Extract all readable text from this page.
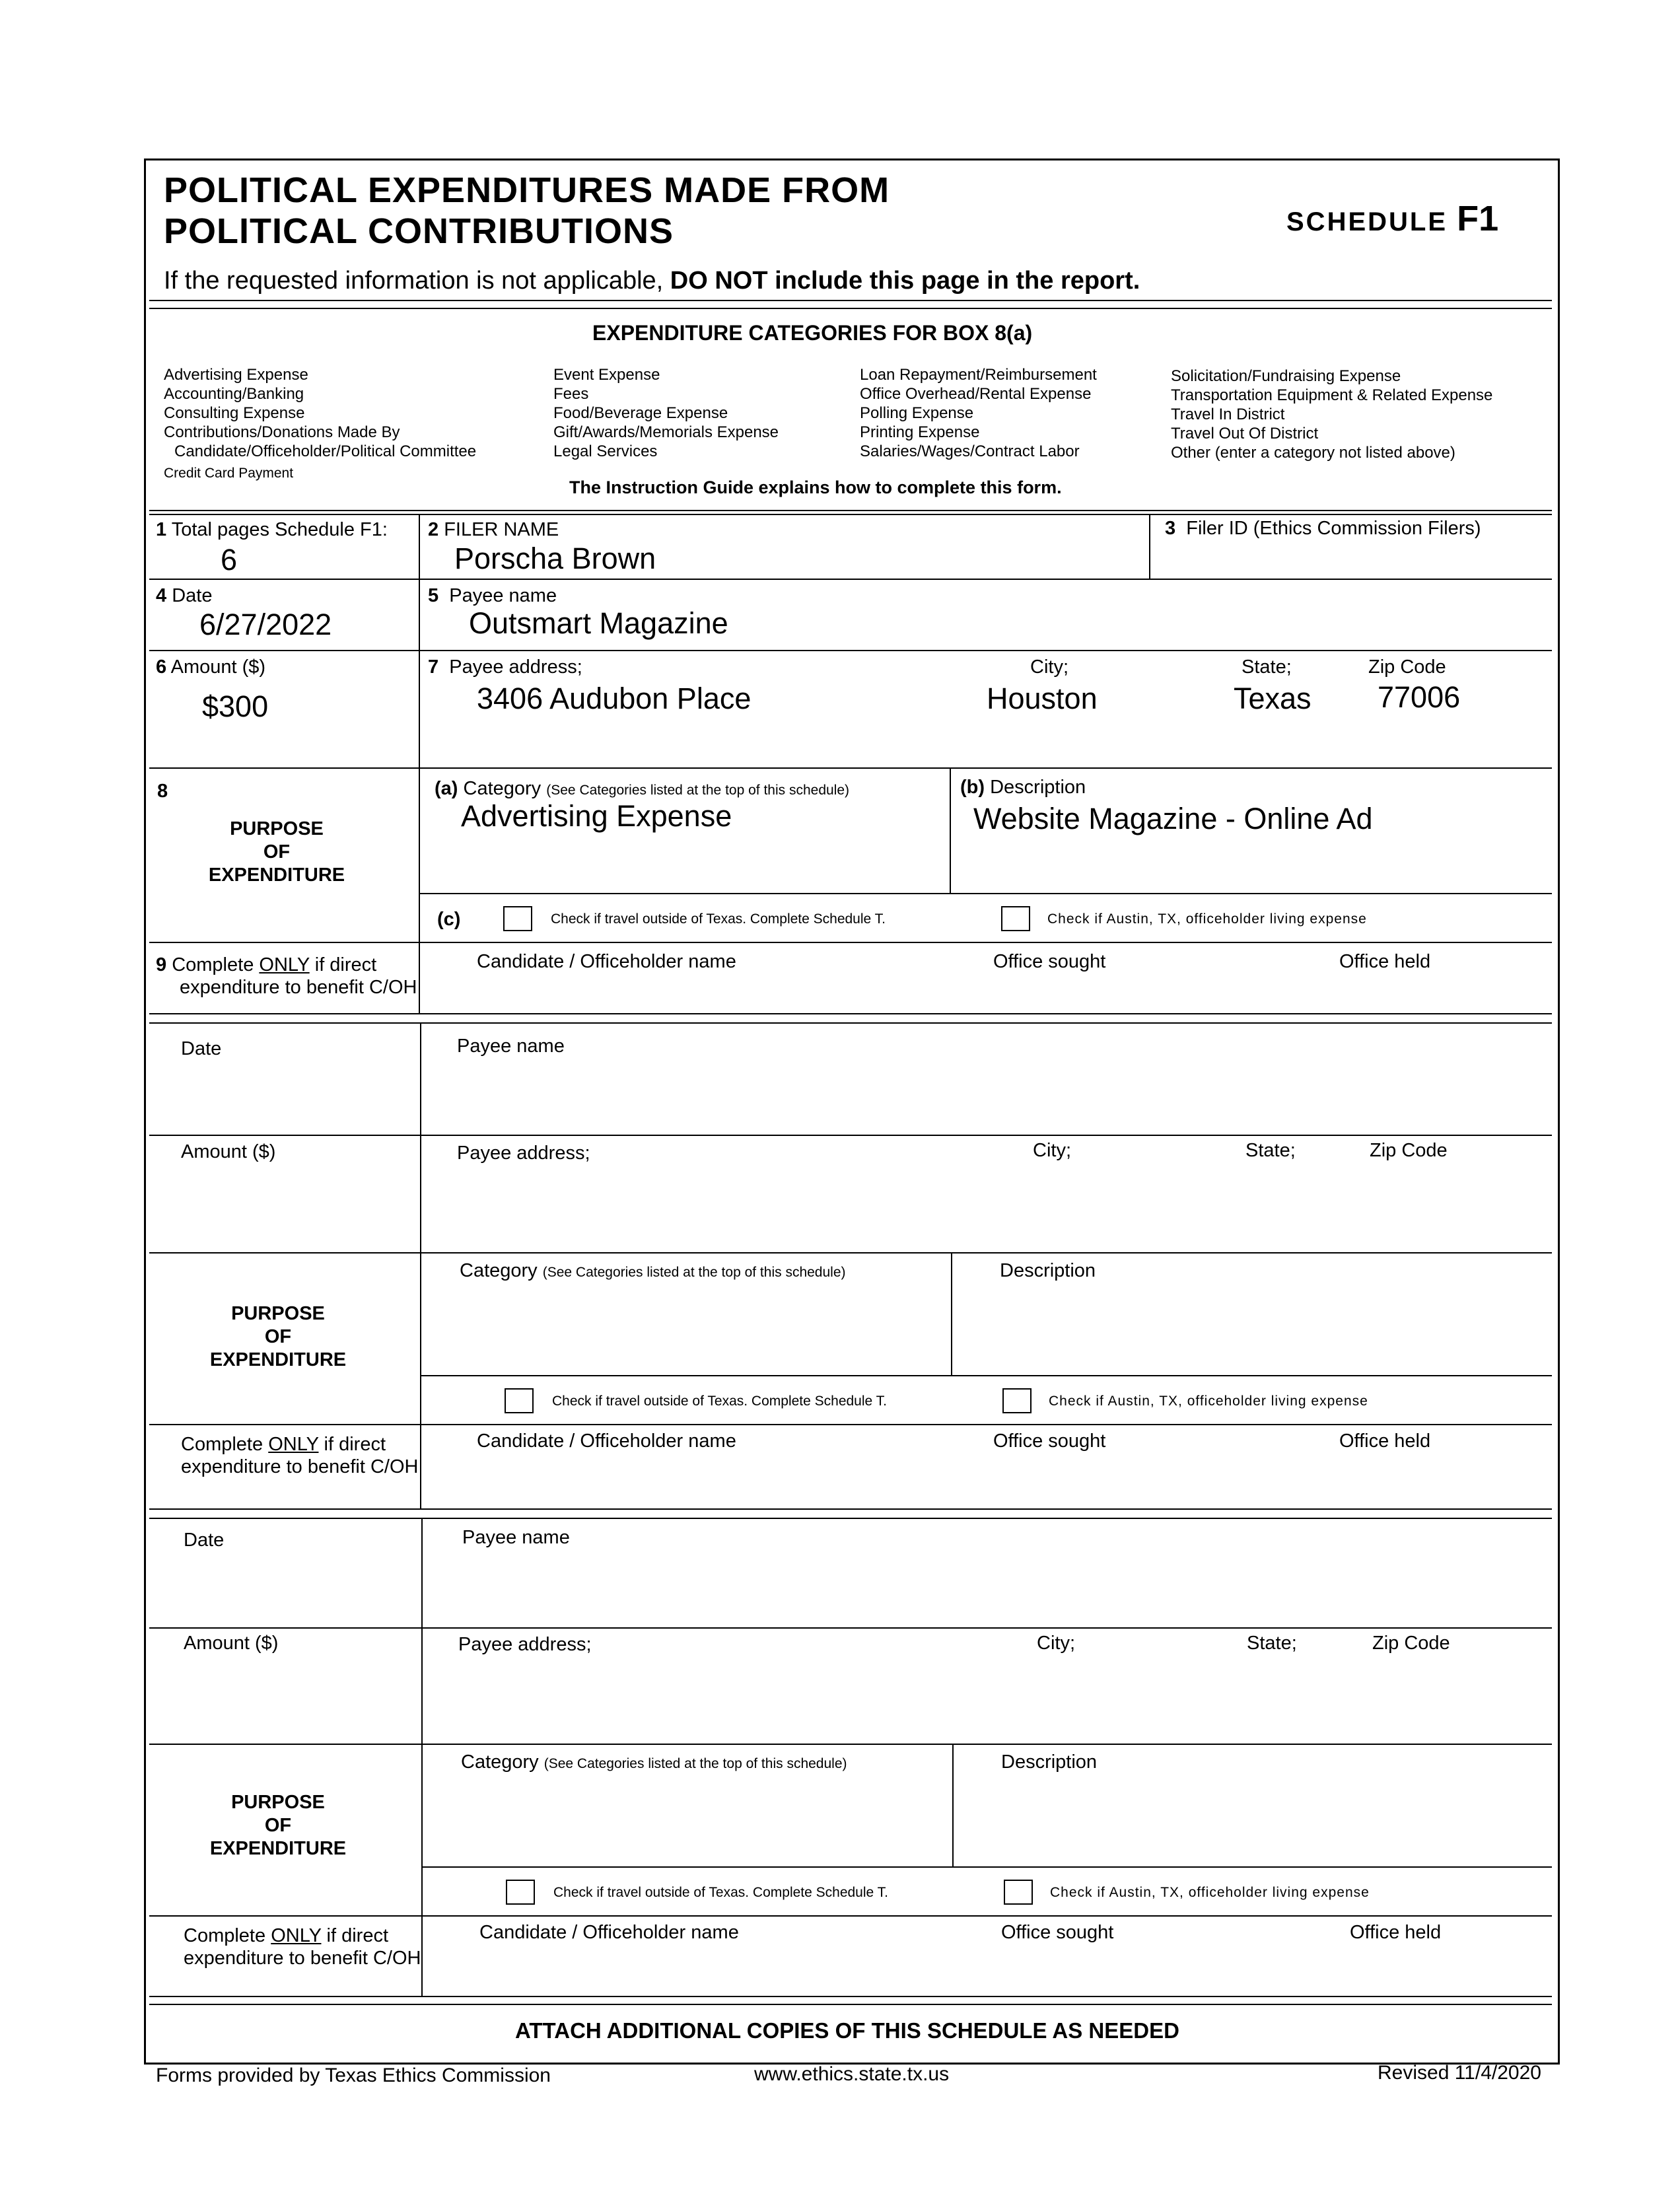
POLITICAL EXPENDITURES MADE FROM
POLITICAL CONTRIBUTIONS	SCHEDULE F1
If the requested information is not applicable, DO NOT include this page in the report.
EXPENDITURE CATEGORIES FOR BOX 8(a)
Advertising Expense
Accounting/Banking
Consulting Expense
Contributions/Donations Made By
Candidate/Officeholder/Political Committee
Credit Card Payment
Event Expense
Fees
Food/Beverage Expense
Gift/Awards/Memorials Expense
Legal Services
Loan Repayment/Reimbursement
Office Overhead/Rental Expense
Polling Expense
Printing Expense
Salaries/Wages/Contract Labor
Solicitation/Fundraising Expense
Transportation Equipment & Related Expense
Travel In District
Travel Out Of District
Other (enter a category not listed above)
The Instruction Guide explains how to complete this form.
1 Total pages Schedule F1:
6
2 FILER NAME
Porscha Brown
3 Filer ID (Ethics Commission Filers)
4 Date
6/27/2022
5 Payee name
Outsmart Magazine
6 Amount ($)
$300
7 Payee address;	City;	State;	Zip Code
3406 Audubon Place	Houston	Texas 77006
8
PURPOSE
OF
EXPENDITURE
(a) Category (See Categories listed at the top of this schedule)
Advertising Expense
(b) Description
Website Magazine - Online Ad
(c)	Check if travel outside of Texas. Complete Schedule T.	Check if Austin, TX, officeholder living expense
9 Complete ONLY if direct
expenditure to benefit C/OH
Candidate / Officeholder name	Office sought	Office held
Date	Payee name
Amount ($)	Payee address;	City;	State;	Zip Code
PURPOSE
OF
EXPENDITURE
Category (See Categories listed at the top of this schedule)	Description
Check if travel outside of Texas. Complete Schedule T.	Check if Austin, TX, officeholder living expense
Complete ONLY if direct
expenditure to benefit C/OH
Candidate / Officeholder name	Office sought	Office held
Date	Payee name
Amount ($)	Payee address;	City;	State;	Zip Code
PURPOSE
OF
EXPENDITURE
Category (See Categories listed at the top of this schedule)	Description
Check if travel outside of Texas. Complete Schedule T.	Check if Austin, TX, officeholder living expense
Complete ONLY if direct
expenditure to benefit C/OH
Candidate / Officeholder name	Office sought	Office held
ATTACH ADDITIONAL COPIES OF THIS SCHEDULE AS NEEDED
Forms provided by Texas Ethics Commission	www.ethics.state.tx.us	Revised 11/4/2020
